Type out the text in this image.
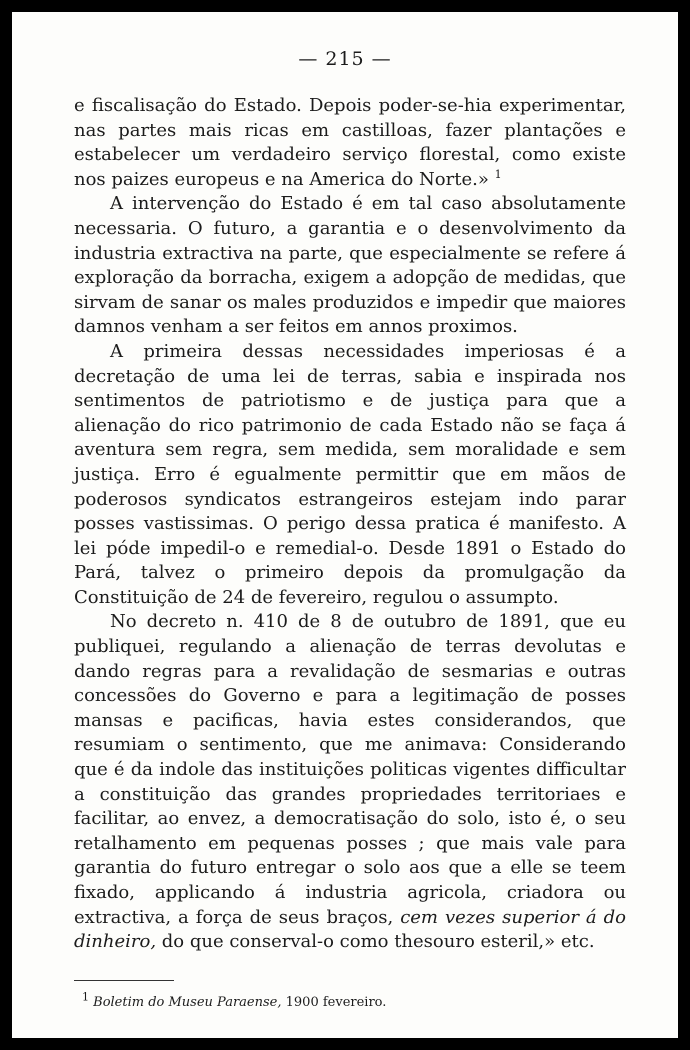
— 215 —

e fiscalisação do Estado. Depois poder-se-hia experimentar, nas partes mais ricas em castilloas, fazer plantações e estabelecer um verdadeiro serviço florestal, como existe nos paizes europeus e na America do Norte.» $^1$

A intervenção do Estado é em tal caso absolutamente necessaria. O futuro, a garantia e o desenvolvimento da industria extractiva na parte, que especialmente se refere á exploração da borracha, exigem a adopção de medidas, que sirvam de sanar os males produzidos e impedir que maiores damnos venham a ser feitos em annos proximos.

A primeira dessas necessidades imperiosas é a decretação de uma lei de terras, sabia e inspirada nos sentimentos de patriotismo e de justiça para que a alienação do rico patrimonio de cada Estado não se faça á aventura sem regra, sem medida, sem moralidade e sem justiça. Erro é egualmente permittir que em mãos de poderosos syndicatos estrangeiros estejam indo parar posses vastissimas. O perigo dessa pratica é manifesto. A lei póde impedil-o e remedial-o. Desde 1891 o Estado do Pará, talvez o primeiro depois da promulgação da Constituição de 24 de fevereiro, regulou o assumpto.

No decreto n. 410 de 8 de outubro de 1891, que eu publiquei, regulando a alienação de terras devolutas e dando regras para a revalidação de sesmarias e outras concessões do Governo e para a legitimação de posses mansas e pacificas, havia estes considerandos, que resumiam o sentimento, que me animava: Considerando que é da indole das instituições politicas vigentes difficultar a constituição das grandes propriedades territoriaes e facilitar, ao envez, a democratisação do solo, isto é, o seu retalhamento em pequenas posses ; que mais vale para garantia do futuro entregar o solo aos que a elle se teem fixado, applicando á industria agricola, criadora ou extractiva, a força de seus braços, cem vezes superior á do dinheiro, do que conserval-o como thesouro esteril,» etc.

$^1$ Boletim do Museu Paraense, 1900 fevereiro.
